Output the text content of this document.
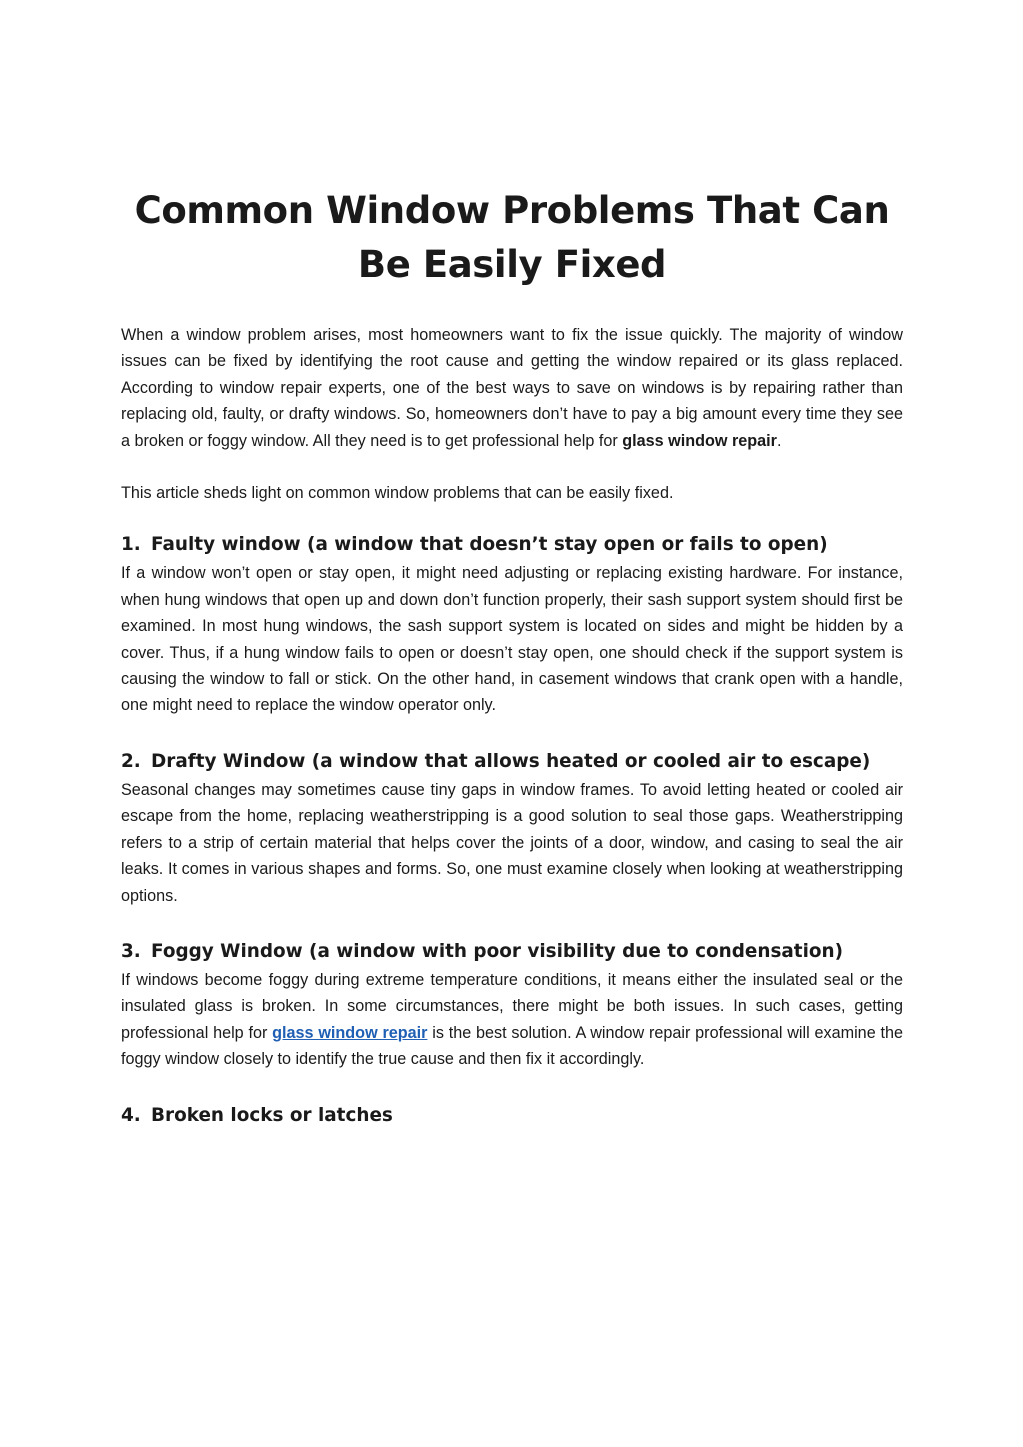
Common Window Problems That Can Be Easily Fixed

When a window problem arises, most homeowners want to fix the issue quickly. The majority of window issues can be fixed by identifying the root cause and getting the window repaired or its glass replaced. According to window repair experts, one of the best ways to save on windows is by repairing rather than replacing old, faulty, or drafty windows. So, homeowners don’t have to pay a big amount every time they see a broken or foggy window. All they need is to get professional help for glass window repair.

This article sheds light on common window problems that can be easily fixed.

1. Faulty window (a window that doesn’t stay open or fails to open)

If a window won’t open or stay open, it might need adjusting or replacing existing hardware. For instance, when hung windows that open up and down don’t function properly, their sash support system should first be examined. In most hung windows, the sash support system is located on sides and might be hidden by a cover. Thus, if a hung window fails to open or doesn’t stay open, one should check if the support system is causing the window to fall or stick. On the other hand, in casement windows that crank open with a handle, one might need to replace the window operator only.

2. Drafty Window (a window that allows heated or cooled air to escape)

Seasonal changes may sometimes cause tiny gaps in window frames. To avoid letting heated or cooled air escape from the home, replacing weatherstripping is a good solution to seal those gaps. Weatherstripping refers to a strip of certain material that helps cover the joints of a door, window, and casing to seal the air leaks. It comes in various shapes and forms. So, one must examine closely when looking at weatherstripping options.

3. Foggy Window (a window with poor visibility due to condensation)

If windows become foggy during extreme temperature conditions, it means either the insulated seal or the insulated glass is broken. In some circumstances, there might be both issues. In such cases, getting professional help for glass window repair is the best solution. A window repair professional will examine the foggy window closely to identify the true cause and then fix it accordingly.

4. Broken locks or latches
